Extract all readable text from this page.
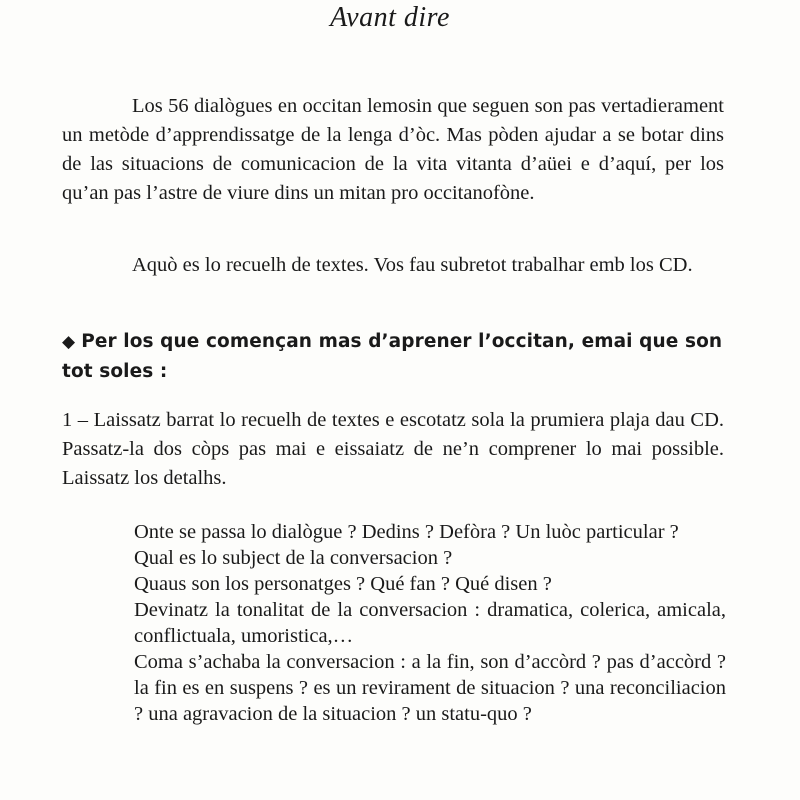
Avant dire

Los 56 dialògues en occitan lemosin que seguen son pas vertadierament un metòde d’apprendissatge de la lenga d’òc. Mas pòden ajudar a se botar dins de las situacions de comunicacion de la vita vitanta d’aüei e d’aquí, per los qu’an pas l’astre de viure dins un mitan pro occitanofòne.

Aquò es lo recuelh de textes. Vos fau subretot trabalhar emb los CD.

◆ Per los que començan mas d’aprener l’occitan, emai que son tot soles :

1 – Laissatz barrat lo recuelh de textes e escotatz sola la prumiera plaja dau CD. Passatz-la dos còps pas mai e eissaiatz de ne’n comprener lo mai possible. Laissatz los detalhs.

Onte se passa lo dialògue ? Dedins ? Defòra ? Un luòc particular ?
Qual es lo subject de la conversacion ?
Quaus son los personatges ? Qué fan ? Qué disen ?
Devinatz la tonalitat de la conversacion : dramatica, colerica, amicala, conflictuala, umoristica,…
Coma s’achaba la conversacion : a la fin, son d’accòrd ? pas d’accòrd ? la fin es en suspens ? es un revirament de situacion ? una reconciliacion ? una agravacion de la situacion ? un statu-quo ?
